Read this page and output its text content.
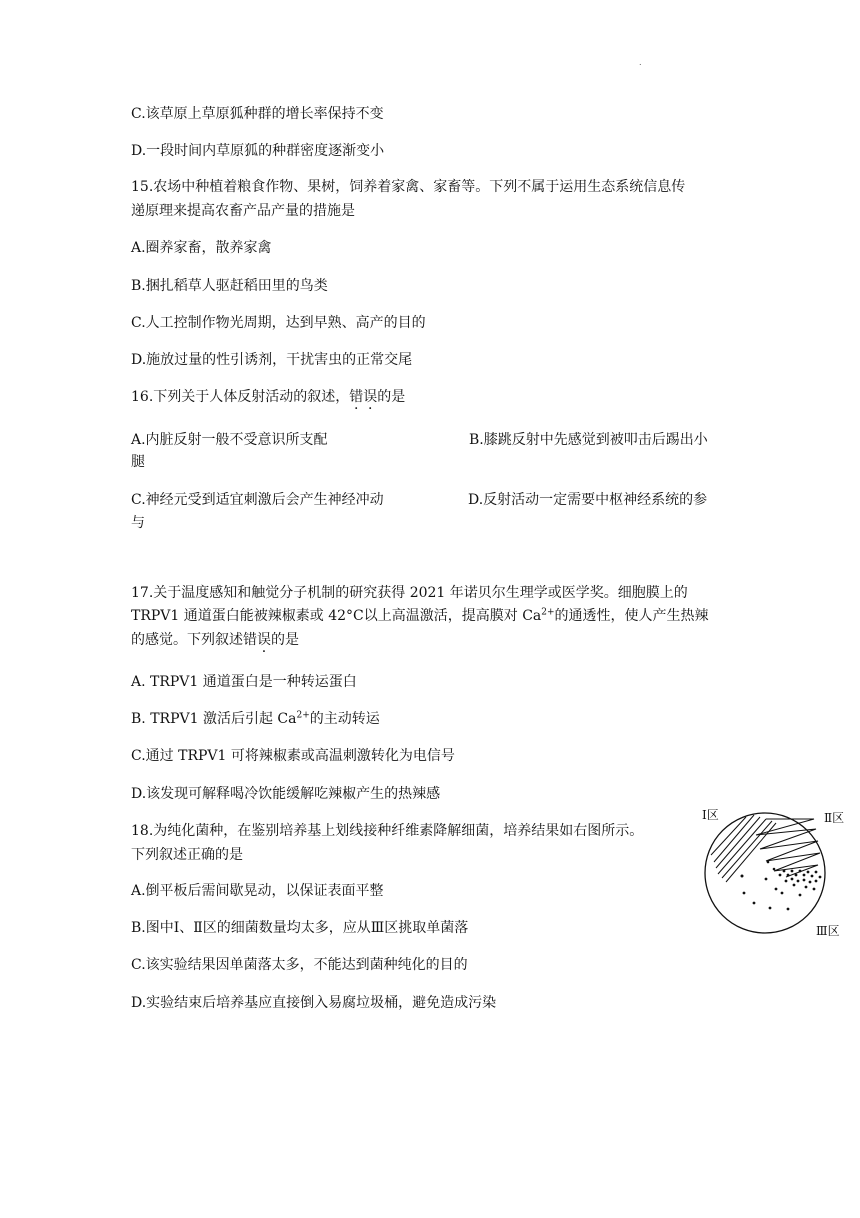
.
C.该草原上草原狐种群的增长率保持不变
D.一段时间内草原狐的种群密度逐渐变小
15.农场中种植着粮食作物、果树，饲养着家禽、家畜等。下列不属于运用生态系统信息传
递原理来提高农畜产品产量的措施是
A.圈养家畜，散养家禽
B.捆扎稻草人驱赶稻田里的鸟类
C.人工控制作物光周期，达到早熟、高产的目的
D.施放过量的性引诱剂，干扰害虫的正常交尾
16.下列关于人体反射活动的叙述，错误的是
A.内脏反射一般不受意识所支配	B.膝跳反射中先感觉到被叩击后踢出小
腿
C.神经元受到适宜刺激后会产生神经冲动	D.反射活动一定需要中枢神经系统的参
与
17.关于温度感知和触觉分子机制的研究获得 2021 年诺贝尔生理学或医学奖。细胞膜上的
TRPV1 通道蛋白能被辣椒素或 42°C以上高温激活，提高膜对 $Ca^{2+}$的通透性，使人产生热辣
的感觉。下列叙述错误的是
A. TRPV1 通道蛋白是一种转运蛋白
B. TRPV1 激活后引起 $Ca^{2+}$的主动转运
C.通过 TRPV1 可将辣椒素或高温刺激转化为电信号
D.该发现可解释喝冷饮能缓解吃辣椒产生的热辣感
18.为纯化菌种，在鉴别培养基上划线接种纤维素降解细菌，培养结果如右图所示。
下列叙述正确的是
A.倒平板后需间歇晃动，以保证表面平整
B.图中Ⅰ、Ⅱ区的细菌数量均太多，应从Ⅲ区挑取单菌落
C.该实验结果因单菌落太多，不能达到菌种纯化的目的
D.实验结束后培养基应直接倒入易腐垃圾桶，避免造成污染
Ⅰ区	Ⅱ区
Ⅲ区
